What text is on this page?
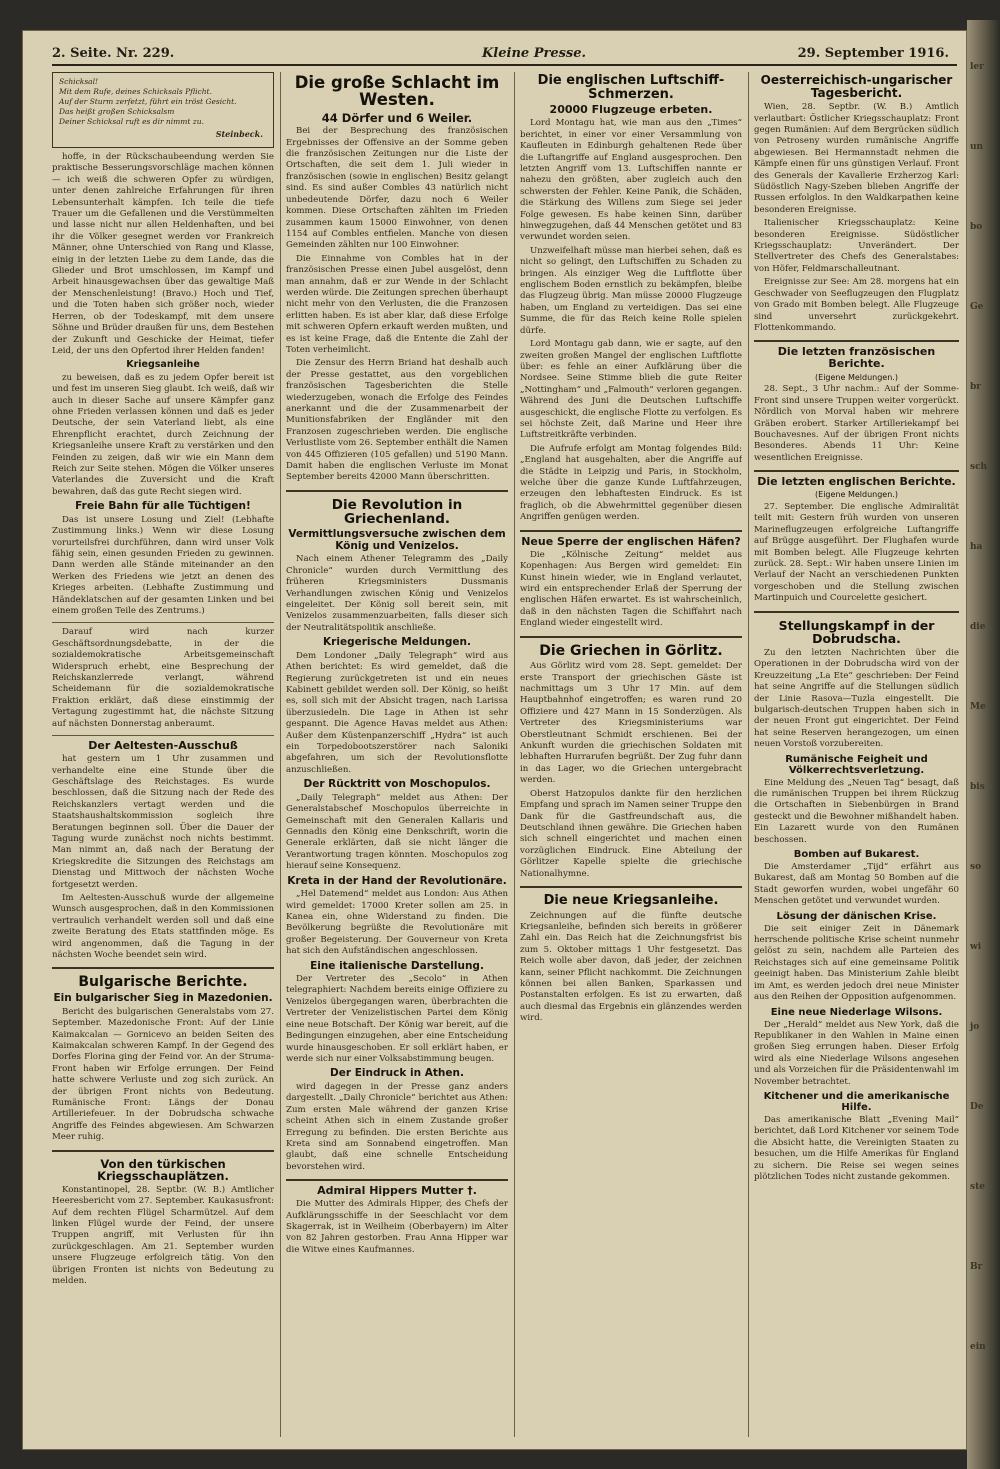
2. Seite. Nr. 229.	Kleine Presse.	29. September 1916.
Schicksal!
Mit dem Rufe, deines Schicksals Pflicht.
Auf der Sturm zerfetzt, führt ein tröst Gesicht.
Das heißt großen Schicksalsm
Deiner Schicksal ruft es dir nimmt zu.
Steinbeck.

hoffe, in der Rückschaubeendung werden Sie praktische Besserungsvorschläge machen können — ich weiß die schweren Opfer zu würdigen, unter denen zahlreiche Erfahrungen für ihren Lebensunterhalt kämpfen. Ich teile die tiefe Trauer um die Gefallenen und die Verstümmelten und lasse nicht nur allen Heldenhaften, und bei ihr die Völker gesegnet werden vor Frankreich Männer, ohne Unterschied von Rang und Klasse, einig in der letzten Liebe zu dem Lande, das die Glieder und Brot umschlossen, im Kampf und Arbeit hinausgewachsen über das gewaltige Maß der Menschenleistung! (Bravo.) Hoch und Tief, und die Toten haben sich größer noch, wieder Herren, ob der Todeskampf, mit dem unsere Söhne und Brüder draußen für uns, dem Bestehen der Zukunft und Geschicke der Heimat, tiefer Leid, der uns den Opfertod ihrer Helden fanden!

Kriegsanleihe

zu beweisen, daß es zu jedem Opfer bereit ist und fest im unseren Sieg glaubt. Ich weiß, daß wir auch in dieser Sache auf unsere Kämpfer ganz ohne Frieden verlassen können und daß es jeder Deutsche, der sein Vaterland liebt, als eine Ehrenpflicht erachtet, durch Zeichnung der Kriegsanleihe unsere Kraft zu verstärken und den Feinden zu zeigen, daß wir wie ein Mann dem Reich zur Seite stehen. Mögen die Völker unseres Vaterlandes die Zuversicht und die Kraft bewahren, daß das gute Recht siegen wird.

Freie Bahn für alle Tüchtigen!

Das ist unsere Losung und Ziel! (Lebhafte Zustimmung links.) Wenn wir diese Losung vorurteilsfrei durchführen, dann wird unser Volk fähig sein, einen gesunden Frieden zu gewinnen. Dann werden alle Stände miteinander an den Werken des Friedens wie jetzt an denen des Krieges arbeiten. (Lebhafte Zustimmung und Händeklatschen auf der gesamten Linken und bei einem großen Teile des Zentrums.)

Darauf wird nach kurzer Geschäftsordnungsdebatte, in der die sozialdemokratische Arbeitsgemeinschaft Widerspruch erhebt, eine Besprechung der Reichskanzlerrede verlangt, während Scheidemann für die sozialdemokratische Fraktion erklärt, daß diese einstimmig der Vertagung zugestimmt hat, die nächste Sitzung auf nächsten Donnerstag anberaumt.

Der Aeltesten-Ausschuß

hat gestern um 1 Uhr zusammen und verhandelte eine eine Stunde über die Geschäftslage des Reichstages. Es wurde beschlossen, daß die Sitzung nach der Rede des Reichskanzlers vertagt werden und die Staatshaushaltskommission sogleich ihre Beratungen beginnen soll. Über die Dauer der Tagung wurde zunächst noch nichts bestimmt. Man nimmt an, daß nach der Beratung der Kriegskredite die Sitzungen des Reichstags am Dienstag und Mittwoch der nächsten Woche fortgesetzt werden.

Im Aeltesten-Ausschuß wurde der allgemeine Wunsch ausgesprochen, daß in den Kommissionen vertraulich verhandelt werden soll und daß eine zweite Beratung des Etats stattfinden möge. Es wird angenommen, daß die Tagung in der nächsten Woche beendet sein wird.

Bulgarische Berichte.
Ein bulgarischer Sieg in Mazedonien.

Bericht des bulgarischen Generalstabs vom 27. September. Mazedonische Front: Auf der Linie Kaimakcalan — Gornicevo an beiden Seiten des Kaimakcalan schweren Kampf. In der Gegend des Dorfes Florina ging der Feind vor. An der Struma-Front haben wir Erfolge errungen. Der Feind hatte schwere Verluste und zog sich zurück. An der übrigen Front nichts von Bedeutung. Rumänische Front: Längs der Donau Artilleriefeuer. In der Dobrudscha schwache Angriffe des Feindes abgewiesen. Am Schwarzen Meer ruhig.

Von den türkischen Kriegsschauplätzen.

Konstantinopel, 28. Septbr. (W. B.) Amtlicher Heeresbericht vom 27. September. Kaukasusfront: Auf dem rechten Flügel Scharmützel. Auf dem linken Flügel wurde der Feind, der unsere Truppen angriff, mit Verlusten für ihn zurückgeschlagen. Am 21. September wurden unsere Flugzeuge erfolgreich tätig. Von den übrigen Fronten ist nichts von Bedeutung zu melden.

Die große Schlacht im Westen.
44 Dörfer und 6 Weiler.

Bei der Besprechung des französischen Ergebnisses der Offensive an der Somme geben die französischen Zeitungen nur die Liste der Ortschaften, die seit dem 1. Juli wieder in französischen (sowie in englischen) Besitz gelangt sind. Es sind außer Combles 43 natürlich nicht unbedeutende Dörfer, dazu noch 6 Weiler kommen. Diese Ortschaften zählten im Frieden zusammen kaum 15000 Einwohner, von denen 1154 auf Combles entfielen. Manche von diesen Gemeinden zählten nur 100 Einwohner.

Die Einnahme von Combles hat in der französischen Presse einen Jubel ausgelöst, denn man annahm, daß er zur Wende in der Schlacht werden würde. Die Zeitungen sprechen überhaupt nicht mehr von den Verlusten, die die Franzosen erlitten haben. Es ist aber klar, daß diese Erfolge mit schweren Opfern erkauft werden mußten, und es ist keine Frage, daß die Entente die Zahl der Toten verheimlicht.

Die Zensur des Herrn Briand hat deshalb auch der Presse gestattet, aus den vorgeblichen französischen Tagesberichten die Stelle wiederzugeben, wonach die Erfolge des Feindes anerkannt und die der Zusammenarbeit der Munitionsfabriken der Engländer mit den Franzosen zugeschrieben werden. Die englische Verlustliste vom 26. September enthält die Namen von 445 Offizieren (105 gefallen) und 5190 Mann. Damit haben die englischen Verluste im Monat September bereits 42000 Mann überschritten.

Die Revolution in Griechenland.
Vermittlungsversuche zwischen dem König und Venizelos.

Nach einem Athener Telegramm des „Daily Chronicle“ wurden durch Vermittlung des früheren Kriegsministers Dussmanis Verhandlungen zwischen König und Venizelos eingeleitet. Der König soll bereit sein, mit Venizelos zusammenzuarbeiten, falls dieser sich der Neutralitätspolitik anschließe.

Kriegerische Meldungen.

Dem Londoner „Daily Telegraph“ wird aus Athen berichtet: Es wird gemeldet, daß die Regierung zurückgetreten ist und ein neues Kabinett gebildet werden soll. Der König, so heißt es, soll sich mit der Absicht tragen, nach Larissa überzusiedeln. Die Lage in Athen ist sehr gespannt. Die Agence Havas meldet aus Athen: Außer dem Küstenpanzerschiff „Hydra“ ist auch ein Torpedobootszerstörer nach Saloniki abgefahren, um sich der Revolutionsflotte anzuschließen.

Der Rücktritt von Moschopulos.

„Daily Telegraph“ meldet aus Athen: Der Generalstabschef Moschopulos überreichte in Gemeinschaft mit den Generalen Kallaris und Gennadis den König eine Denkschrift, worin die Generale erklärten, daß sie nicht länger die Verantwortung tragen könnten. Moschopulos zog hierauf seine Konsequenz.

Kreta in der Hand der Revolutionäre.

„Hel Datemend“ meldet aus London: Aus Athen wird gemeldet: 17000 Kreter sollen am 25. in Kanea ein, ohne Widerstand zu finden. Die Bevölkerung begrüßte die Revolutionäre mit großer Begeisterung. Der Gouverneur von Kreta hat sich den Aufständischen angeschlossen.

Eine italienische Darstellung.

Der Vertreter des „Secolo“ in Athen telegraphiert: Nachdem bereits einige Offiziere zu Venizelos übergegangen waren, überbrachten die Vertreter der Venizelistischen Partei dem König eine neue Botschaft. Der König war bereit, auf die Bedingungen einzugehen, aber eine Entscheidung wurde hinausgeschoben. Er soll erklärt haben, er werde sich nur einer Volksabstimmung beugen.

Der Eindruck in Athen.

wird dagegen in der Presse ganz anders dargestellt. „Daily Chronicle“ berichtet aus Athen: Zum ersten Male während der ganzen Krise scheint Athen sich in einem Zustande großer Erregung zu befinden. Die ersten Berichte aus Kreta sind am Sonnabend eingetroffen. Man glaubt, daß eine schnelle Entscheidung bevorstehen wird.

Admiral Hippers Mutter †.

Die Mutter des Admirals Hipper, des Chefs der Aufklärungsschiffe in der Seeschlacht vor dem Skagerrak, ist in Weilheim (Oberbayern) im Alter von 82 Jahren gestorben. Frau Anna Hipper war die Witwe eines Kaufmannes.

Die englischen Luftschiff-Schmerzen.
20000 Flugzeuge erbeten.

Lord Montagu hat, wie man aus den „Times“ berichtet, in einer vor einer Versammlung von Kaufleuten in Edinburgh gehaltenen Rede über die Luftangriffe auf England ausgesprochen. Den letzten Angriff vom 13. Luftschiffen nannte er nahezu den größten, aber zugleich auch den schwersten der Fehler. Keine Panik, die Schäden, die Stärkung des Willens zum Siege sei jeder Folge gewesen. Es habe keinen Sinn, darüber hinwegzugehen, daß 44 Menschen getötet und 83 verwundet worden seien.

Unzweifelhaft müsse man hierbei sehen, daß es nicht so gelingt, den Luftschiffen zu Schaden zu bringen. Als einziger Weg die Luftflotte über englischem Boden ernstlich zu bekämpfen, bleibe das Flugzeug übrig. Man müsse 20000 Flugzeuge haben, um England zu verteidigen. Das sei eine Summe, die für das Reich keine Rolle spielen dürfe.

Lord Montagu gab dann, wie er sagte, auf den zweiten großen Mangel der englischen Luftflotte über: es fehle an einer Aufklärung über die Nordsee. Seine Stimme blieb die gute Reiter „Nottingham“ und „Falmouth“ verloren gegangen. Während des Juni die Deutschen Luftschiffe ausgeschickt, die englische Flotte zu verfolgen. Es sei höchste Zeit, daß Marine und Heer ihre Luftstreitkräfte verbinden.

Die Aufrufe erfolgt am Montag folgendes Bild: „England hat ausgehalten, aber die Angriffe auf die Städte in Leipzig und Paris, in Stockholm, welche über die ganze Kunde Luftfahrzeugen, erzeugen den lebhaftesten Eindruck. Es ist fraglich, ob die Abwehrmittel gegenüber diesen Angriffen genügen werden.

Neue Sperre der englischen Häfen?

Die „Kölnische Zeitung“ meldet aus Kopenhagen: Aus Bergen wird gemeldet: Ein Kunst hinein wieder, wie in England verlautet, wird ein entsprechender Erlaß der Sperrung der englischen Häfen erwartet. Es ist wahrscheinlich, daß in den nächsten Tagen die Schiffahrt nach England wieder eingestellt wird.

Die Griechen in Görlitz.

Aus Görlitz wird vom 28. Sept. gemeldet: Der erste Transport der griechischen Gäste ist nachmittags um 3 Uhr 17 Min. auf dem Hauptbahnhof eingetroffen; es waren rund 20 Offiziere und 427 Mann in 15 Sonderzügen. Als Vertreter des Kriegsministeriums war Oberstleutnant Schmidt erschienen. Bei der Ankunft wurden die griechischen Soldaten mit lebhaften Hurrarufen begrüßt. Der Zug fuhr dann in das Lager, wo die Griechen untergebracht werden.

Oberst Hatzopulos dankte für den herzlichen Empfang und sprach im Namen seiner Truppe den Dank für die Gastfreundschaft aus, die Deutschland ihnen gewähre. Die Griechen haben sich schnell eingerichtet und machen einen vorzüglichen Eindruck. Eine Abteilung der Görlitzer Kapelle spielte die griechische Nationalhymne.

Die neue Kriegsanleihe.

Zeichnungen auf die fünfte deutsche Kriegsanleihe, befinden sich bereits in größerer Zahl ein. Das Reich hat die Zeichnungsfrist bis zum 5. Oktober mittags 1 Uhr festgesetzt. Das Reich wolle aber davon, daß jeder, der zeichnen kann, seiner Pflicht nachkommt. Die Zeichnungen können bei allen Banken, Sparkassen und Postanstalten erfolgen. Es ist zu erwarten, daß auch diesmal das Ergebnis ein glänzendes werden wird.

Oesterreichisch-ungarischer Tagesbericht.

Wien, 28. Septbr. (W. B.) Amtlich verlautbart: Östlicher Kriegsschauplatz: Front gegen Rumänien: Auf dem Bergrücken südlich von Petroseny wurden rumänische Angriffe abgewiesen. Bei Hermannstadt nehmen die Kämpfe einen für uns günstigen Verlauf. Front des Generals der Kavallerie Erzherzog Karl: Südöstlich Nagy-Szeben blieben Angriffe der Russen erfolglos. In den Waldkarpathen keine besonderen Ereignisse.

Italienischer Kriegsschauplatz: Keine besonderen Ereignisse. Südöstlicher Kriegsschauplatz: Unverändert. Der Stellvertreter des Chefs des Generalstabes: von Höfer, Feldmarschalleutnant.

Ereignisse zur See: Am 28. morgens hat ein Geschwader von Seeflugzeugen den Flugplatz von Grado mit Bomben belegt. Alle Flugzeuge sind unversehrt zurückgekehrt. Flottenkommando.

Die letzten französischen Berichte.
(Eigene Meldungen.)

28. Sept., 3 Uhr nachm.: Auf der Somme-Front sind unsere Truppen weiter vorgerückt. Nördlich von Morval haben wir mehrere Gräben erobert. Starker Artilleriekampf bei Bouchavesnes. Auf der übrigen Front nichts Besonderes. Abends 11 Uhr: Keine wesentlichen Ereignisse.

Die letzten englischen Berichte.
(Eigene Meldungen.)

27. September. Die englische Admiralität teilt mit: Gestern früh wurden von unseren Marineflugzeugen erfolgreiche Luftangriffe auf Brügge ausgeführt. Der Flughafen wurde mit Bomben belegt. Alle Flugzeuge kehrten zurück. 28. Sept.: Wir haben unsere Linien im Verlauf der Nacht an verschiedenen Punkten vorgeschoben und die Stellung zwischen Martinpuich und Courcelette gesichert.

Stellungskampf in der Dobrudscha.

Zu den letzten Nachrichten über die Operationen in der Dobrudscha wird von der Kreuzzeitung „La Ete“ geschrieben: Der Feind hat seine Angriffe auf die Stellungen südlich der Linie Rasova—Tuzla eingestellt. Die bulgarisch-deutschen Truppen haben sich in der neuen Front gut eingerichtet. Der Feind hat seine Reserven herangezogen, um einen neuen Vorstoß vorzubereiten.

Rumänische Feigheit und Völkerrechtsverletzung.

Eine Meldung des „Neuen Tag“ besagt, daß die rumänischen Truppen bei ihrem Rückzug die Ortschaften in Siebenbürgen in Brand gesteckt und die Bewohner mißhandelt haben. Ein Lazarett wurde von den Rumänen beschossen.

Bomben auf Bukarest.

Die Amsterdamer „Tijd“ erfährt aus Bukarest, daß am Montag 50 Bomben auf die Stadt geworfen wurden, wobei ungefähr 60 Menschen getötet und verwundet wurden.

Lösung der dänischen Krise.

Die seit einiger Zeit in Dänemark herrschende politische Krise scheint nunmehr gelöst zu sein, nachdem alle Parteien des Reichstages sich auf eine gemeinsame Politik geeinigt haben. Das Ministerium Zahle bleibt im Amt, es werden jedoch drei neue Minister aus den Reihen der Opposition aufgenommen.

Eine neue Niederlage Wilsons.

Der „Herald“ meldet aus New York, daß die Republikaner in den Wahlen in Maine einen großen Sieg errungen haben. Dieser Erfolg wird als eine Niederlage Wilsons angesehen und als Vorzeichen für die Präsidentenwahl im November betrachtet.

Kitchener und die amerikanische Hilfe.

Das amerikanische Blatt „Evening Mail“ berichtet, daß Lord Kitchener vor seinem Tode die Absicht hatte, die Vereinigten Staaten zu besuchen, um die Hilfe Amerikas für England zu sichern. Die Reise sei wegen seines plötzlichen Todes nicht zustande gekommen.

ler
un
bo
Ge
br
sch
ha
die
Me
bis
so
wi
jo
De
ste
Br
ein
